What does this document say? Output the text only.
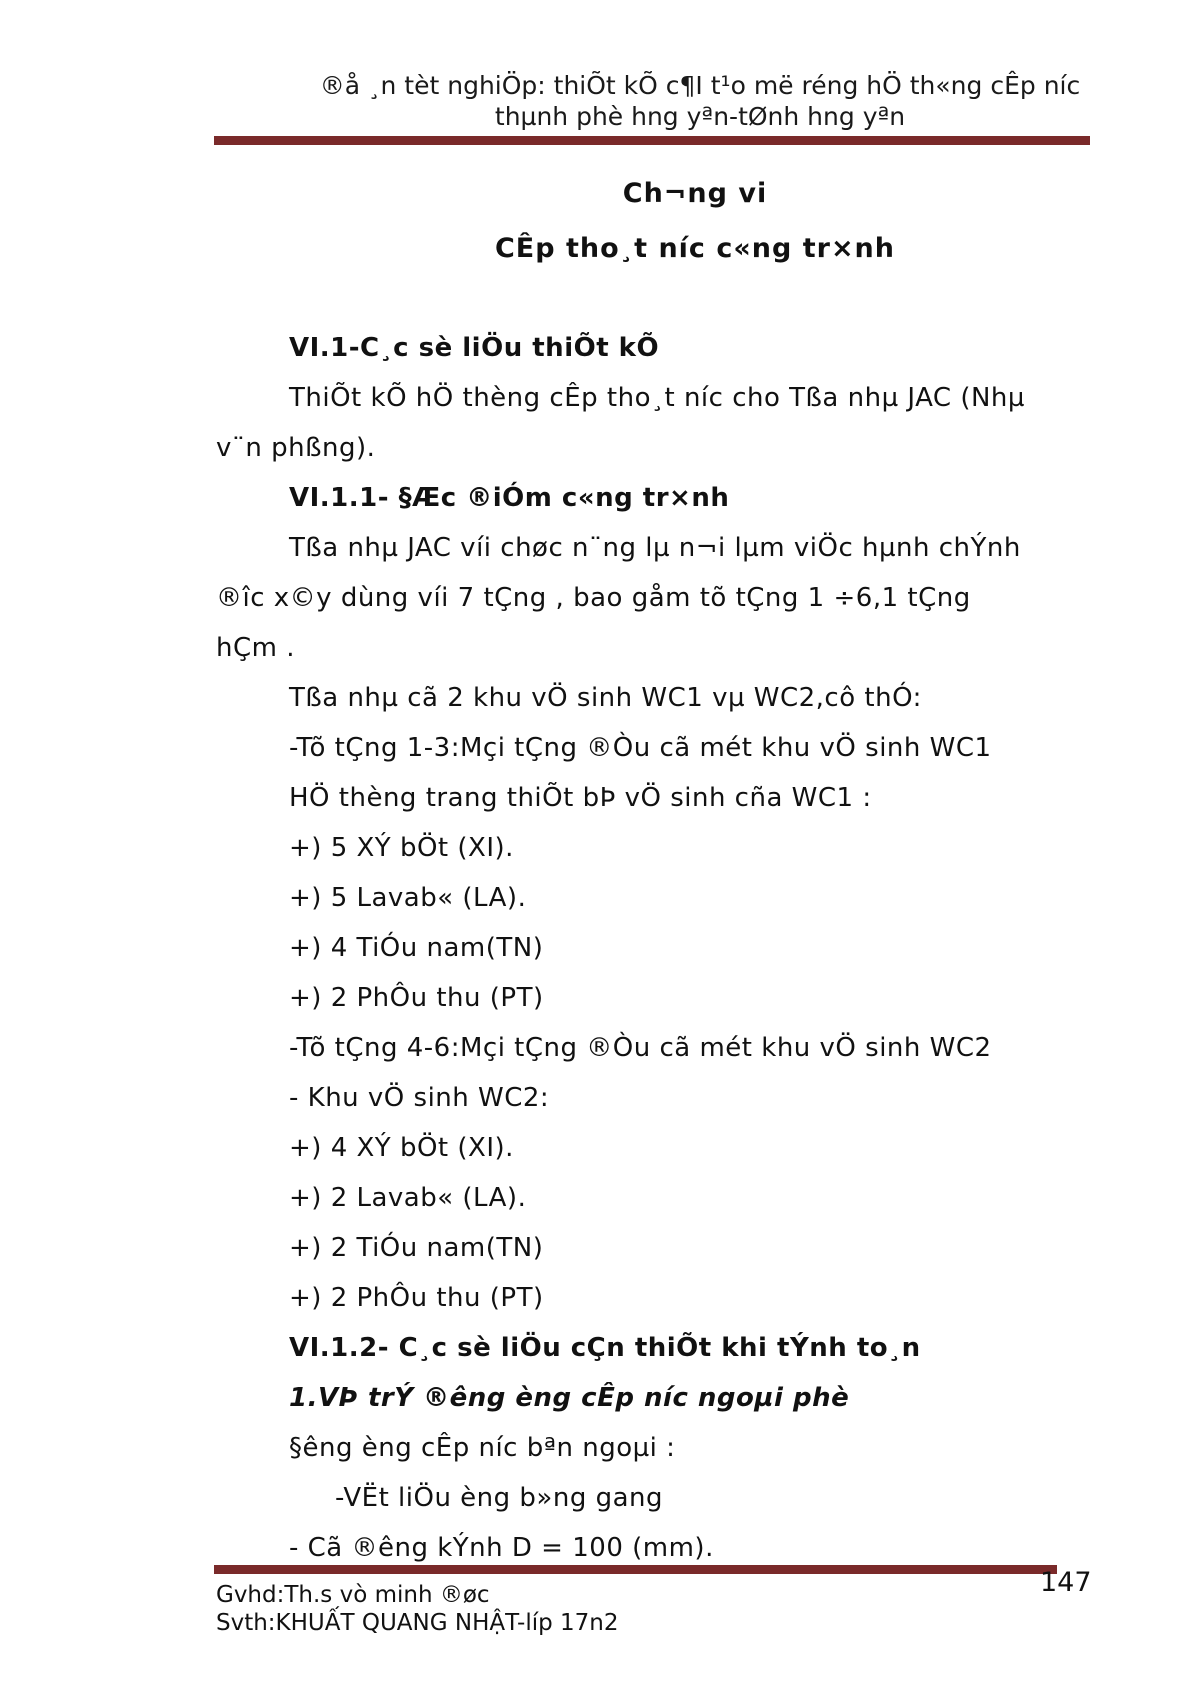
®å ¸n tèt nghiÖp: thiÕt kÕ c¶I t¹o më réng hÖ th«ng cÊp níc
thµnh phè hng yªn-tØnh hng yªn
Ch¬ng vi
CÊp tho¸t níc c«ng tr×nh
VI.1-C¸c sè liÖu thiÕt kÕ
ThiÕt kÕ hÖ thèng cÊp tho¸t níc cho Tßa nhµ JAC (Nhµ
v¨n phßng).
VI.1.1- §Æc ®iÓm c«ng tr×nh
Tßa nhµ JAC víi chøc n¨ng lµ n¬i lµm viÖc hµnh chÝnh
®îc x©y dùng víi 7 tÇng , bao gåm tõ tÇng 1 ÷6,1 tÇng
hÇm .
Tßa nhµ cã 2 khu vÖ sinh WC1 vµ WC2,cô thÓ:
-Tõ tÇng 1-3:Mçi tÇng ®Òu cã mét khu vÖ sinh WC1
HÖ thèng trang thiÕt bÞ vÖ sinh cña WC1 :
+) 5 XÝ bÖt (XI).
+) 5 Lavab« (LA).
+) 4 TiÓu nam(TN)
+) 2 PhÔu thu (PT)
-Tõ tÇng 4-6:Mçi tÇng ®Òu cã mét khu vÖ sinh WC2
- Khu vÖ sinh WC2:
+) 4 XÝ bÖt (XI).
+) 2 Lavab« (LA).
+) 2 TiÓu nam(TN)
+) 2 PhÔu thu (PT)
VI.1.2- C¸c sè liÖu cÇn thiÕt khi tÝnh to¸n
1.VÞ trÝ ®êng èng cÊp níc ngoµi phè
§êng èng cÊp níc bªn ngoµi :
-VËt liÖu èng b»ng gang
- Cã ®êng kÝnh D = 100 (mm).
147
Gvhd:Th.s vò minh ®øc
Svth:KHUẤT QUANG NHẬT-líp 17n2
